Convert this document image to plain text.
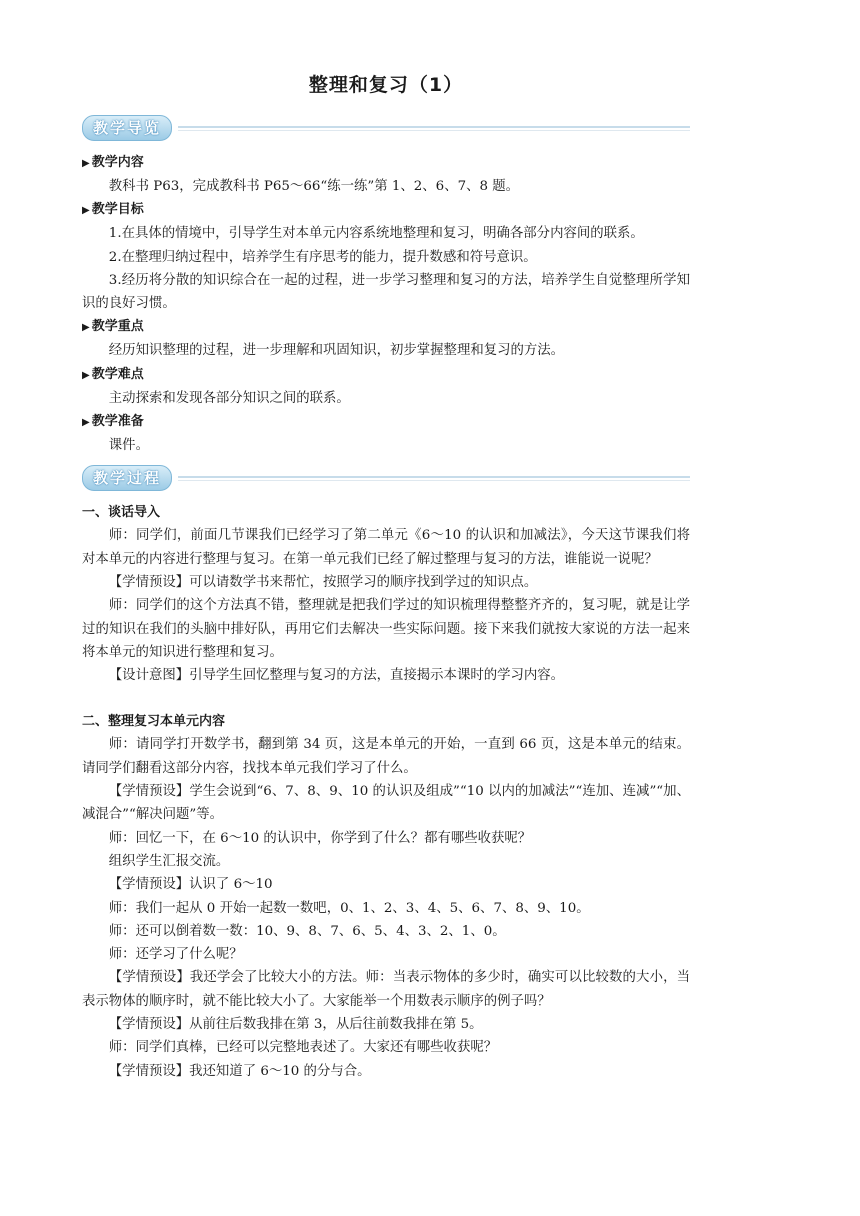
整理和复习（1）
教学导览
▶ 教学内容

教科书 P63，完成教科书 P65～66“练一练”第 1、2、6、7、8 题。

▶ 教学目标

1.在具体的情境中，引导学生对本单元内容系统地整理和复习，明确各部分内容间的联系。

2.在整理归纳过程中，培养学生有序思考的能力，提升数感和符号意识。

3.经历将分散的知识综合在一起的过程，进一步学习整理和复习的方法，培养学生自觉整理所学知识的良好习惯。

▶ 教学重点

经历知识整理的过程，进一步理解和巩固知识，初步掌握整理和复习的方法。

▶ 教学难点

主动探索和发现各部分知识之间的联系。

▶ 教学准备

课件。

教学过程
一、谈话导入

师：同学们，前面几节课我们已经学习了第二单元《6～10 的认识和加减法》，今天这节课我们将对本单元的内容进行整理与复习。在第一单元我们已经了解过整理与复习的方法，谁能说一说呢？

【学情预设】可以请数学书来帮忙，按照学习的顺序找到学过的知识点。

师：同学们的这个方法真不错，整理就是把我们学过的知识梳理得整整齐齐的，复习呢，就是让学过的知识在我们的头脑中排好队，再用它们去解决一些实际问题。接下来我们就按大家说的方法一起来将本单元的知识进行整理和复习。

【设计意图】引导学生回忆整理与复习的方法，直接揭示本课时的学习内容。

二、整理复习本单元内容

师：请同学打开数学书，翻到第 34 页，这是本单元的开始，一直到 66 页，这是本单元的结束。请同学们翻看这部分内容，找找本单元我们学习了什么。

【学情预设】学生会说到“6、7、8、9、10 的认识及组成”“10 以内的加减法”“连加、连减”“加、减混合”“解决问题”等。

师：回忆一下，在 6～10 的认识中，你学到了什么？都有哪些收获呢？

组织学生汇报交流。

【学情预设】认识了 6～10

师：我们一起从 0 开始一起数一数吧，0、1、2、3、4、5、6、7、8、9、10。

师：还可以倒着数一数：10、9、8、7、6、5、4、3、2、1、0。

师：还学习了什么呢？

【学情预设】我还学会了比较大小的方法。师：当表示物体的多少时，确实可以比较数的大小，当表示物体的顺序时，就不能比较大小了。大家能举一个用数表示顺序的例子吗？

【学情预设】从前往后数我排在第 3，从后往前数我排在第 5。

师：同学们真棒，已经可以完整地表述了。大家还有哪些收获呢？

【学情预设】我还知道了 6～10 的分与合。
